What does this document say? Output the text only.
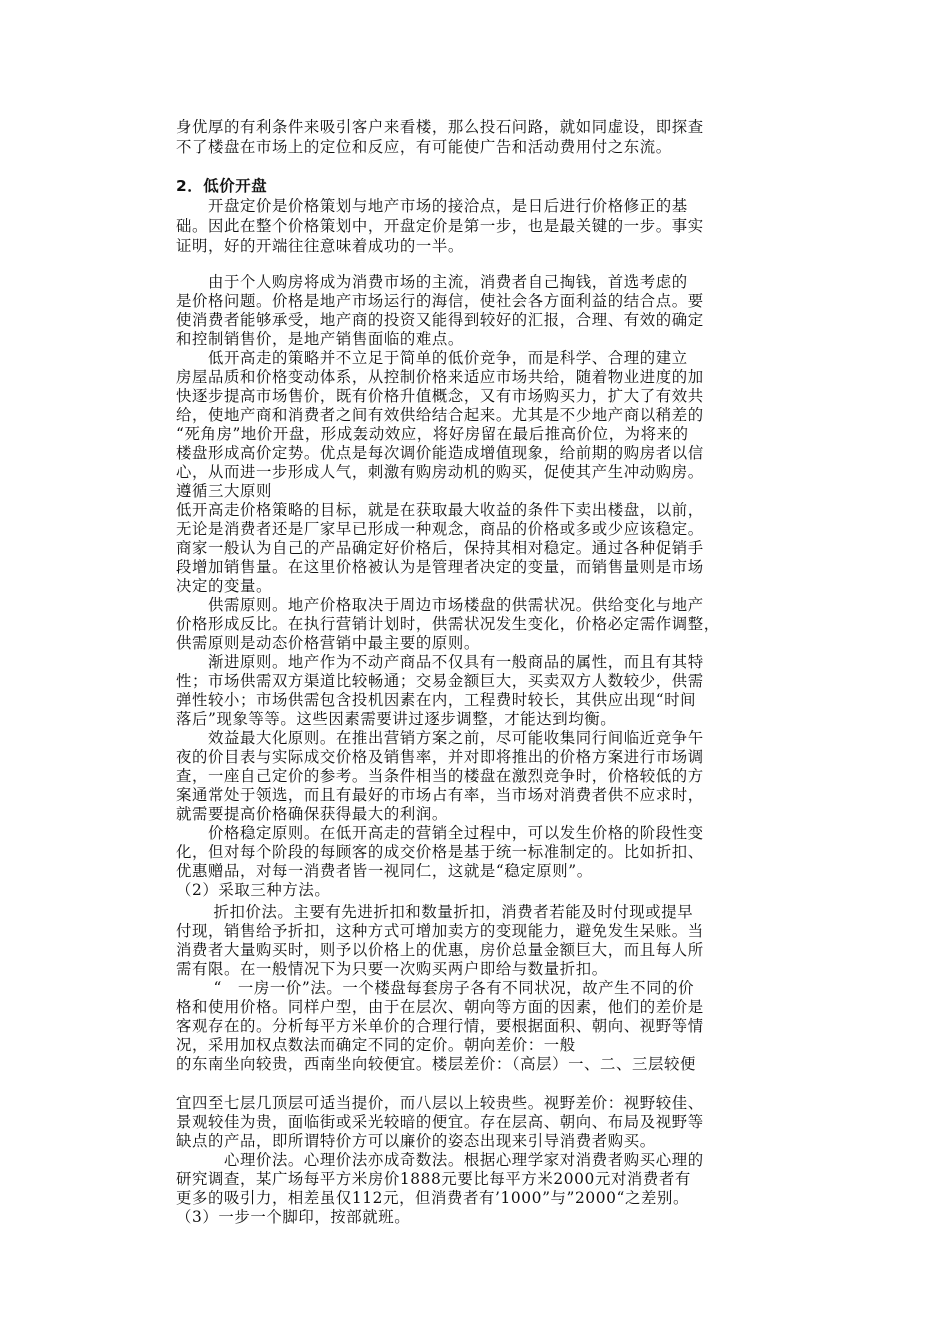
身优厚的有利条件来吸引客户来看楼，那么投石问路，就如同虚设，即探查
不了楼盘在市场上的定位和反应，有可能使广告和活动费用付之东流。
2．低价开盘
　　开盘定价是价格策划与地产市场的接洽点，是日后进行价格修正的基
础。因此在整个价格策划中，开盘定价是第一步，也是最关键的一步。事实
证明，好的开端往往意味着成功的一半。
　　由于个人购房将成为消费市场的主流，消费者自己掏钱，首选考虑的
是价格问题。价格是地产市场运行的海信，使社会各方面利益的结合点。要
使消费者能够承受，地产商的投资又能得到较好的汇报，合理、有效的确定
和控制销售价，是地产销售面临的难点。
　　低开高走的策略并不立足于简单的低价竞争，而是科学、合理的建立
房屋品质和价格变动体系，从控制价格来适应市场共给，随着物业进度的加
快逐步提高市场售价，既有价格升值概念，又有市场购买力，扩大了有效共
给，使地产商和消费者之间有效供给结合起来。尤其是不少地产商以稍差的
“死角房”地价开盘，形成轰动效应，将好房留在最后推高价位，为将来的
楼盘形成高价定势。优点是每次调价能造成增值现象，给前期的购房者以信
心，从而进一步形成人气，刺激有购房动机的购买，促使其产生冲动购房。
遵循三大原则
低开高走价格策略的目标，就是在获取最大收益的条件下卖出楼盘，以前，
无论是消费者还是厂家早已形成一种观念，商品的价格或多或少应该稳定。
商家一般认为自己的产品确定好价格后，保持其相对稳定。通过各种促销手
段增加销售量。在这里价格被认为是管理者决定的变量，而销售量则是市场
决定的变量。
　　供需原则。地产价格取决于周边市场楼盘的供需状况。供给变化与地产
价格形成反比。在执行营销计划时，供需状况发生变化，价格必定需作调整，
供需原则是动态价格营销中最主要的原则。
　　渐进原则。地产作为不动产商品不仅具有一般商品的属性，而且有其特
性；市场供需双方渠道比较畅通；交易金额巨大，买卖双方人数较少，供需
弹性较小；市场供需包含投机因素在内，工程费时较长，其供应出现“时间
落后”现象等等。这些因素需要讲过逐步调整，才能达到均衡。
　　效益最大化原则。在推出营销方案之前，尽可能收集同行间临近竞争午
夜的价目表与实际成交价格及销售率，并对即将推出的价格方案进行市场调
查，一座自己定价的参考。当条件相当的楼盘在激烈竞争时，价格较低的方
案通常处于领选，而且有最好的市场占有率，当市场对消费者供不应求时，
就需要提高价格确保获得最大的利润。
　　价格稳定原则。在低开高走的营销全过程中，可以发生价格的阶段性变
化，但对每个阶段的每顾客的成交价格是基于统一标准制定的。比如折扣、
优惠赠品，对每一消费者皆一视同仁，这就是“稳定原则”。
（2）采取三种方法。
　　 折扣价法。主要有先进折扣和数量折扣，消费者若能及时付现或提早
付现，销售给予折扣，这种方式可增加卖方的变现能力，避免发生呆账。当
消费者大量购买时，则予以价格上的优惠，房价总量金额巨大，而且每人所
需有限。在一般情况下为只要一次购买两户即给与数量折扣。
　　 “　一房一价”法。一个楼盘每套房子各有不同状况，故产生不同的价
格和使用价格。同样户型，由于在层次、朝向等方面的因素，他们的差价是
客观存在的。分析每平方米单价的合理行情，要根据面积、朝向、视野等情
况，采用加权点数法而确定不同的定价。朝向差价：一般
的东南坐向较贵，西南坐向较便宜。楼层差价：（高层）一、二、三层较便
宜四至七层几顶层可适当提价，而八层以上较贵些。视野差价：视野较佳、
景观较佳为贵，面临街或采光较暗的便宜。存在层高、朝向、布局及视野等
缺点的产品，即所谓特价方可以廉价的姿态出现来引导消费者购买。
　　　心理价法。心理价法亦成奇数法。根据心理学家对消费者购买心理的
研究调查，某广场每平方米房价1888元要比每平方米2000元对消费者有
更多的吸引力，相差虽仅112元，但消费者有’1000”与”2000“之差别。
（3）一步一个脚印，按部就班。
